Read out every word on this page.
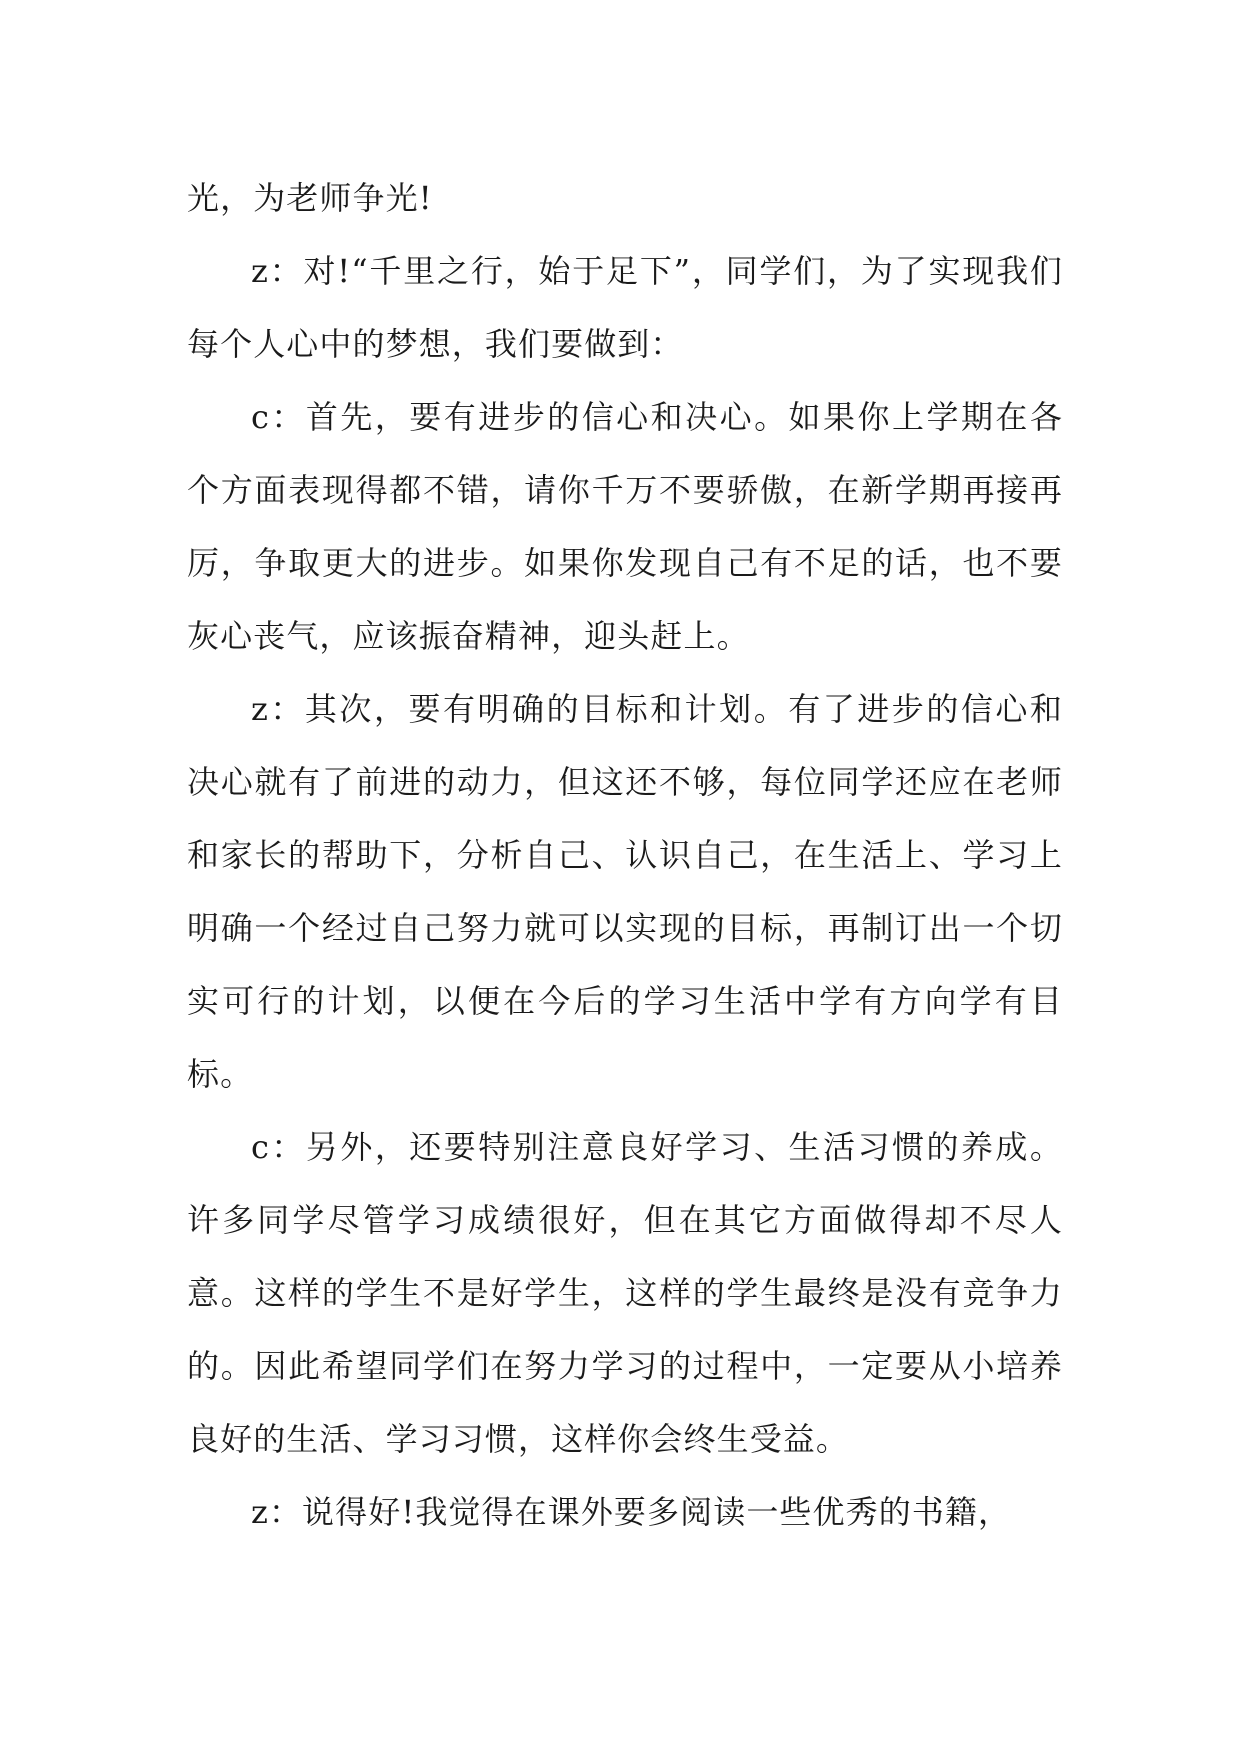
光，为老师争光!

z：对!“千里之行，始于足下”，同学们，为了实现我们每个人心中的梦想，我们要做到：

c：首先，要有进步的信心和决心。如果你上学期在各个方面表现得都不错，请你千万不要骄傲，在新学期再接再厉，争取更大的进步。如果你发现自己有不足的话，也不要灰心丧气，应该振奋精神，迎头赶上。

z：其次，要有明确的目标和计划。有了进步的信心和决心就有了前进的动力，但这还不够，每位同学还应在老师和家长的帮助下，分析自己、认识自己，在生活上、学习上明确一个经过自己努力就可以实现的目标，再制订出一个切实可行的计划，以便在今后的学习生活中学有方向学有目标。

c：另外，还要特别注意良好学习、生活习惯的养成。许多同学尽管学习成绩很好，但在其它方面做得却不尽人意。这样的学生不是好学生，这样的学生最终是没有竞争力的。因此希望同学们在努力学习的过程中，一定要从小培养良好的生活、学习习惯，这样你会终生受益。

z：说得好!我觉得在课外要多阅读一些优秀的书籍，
